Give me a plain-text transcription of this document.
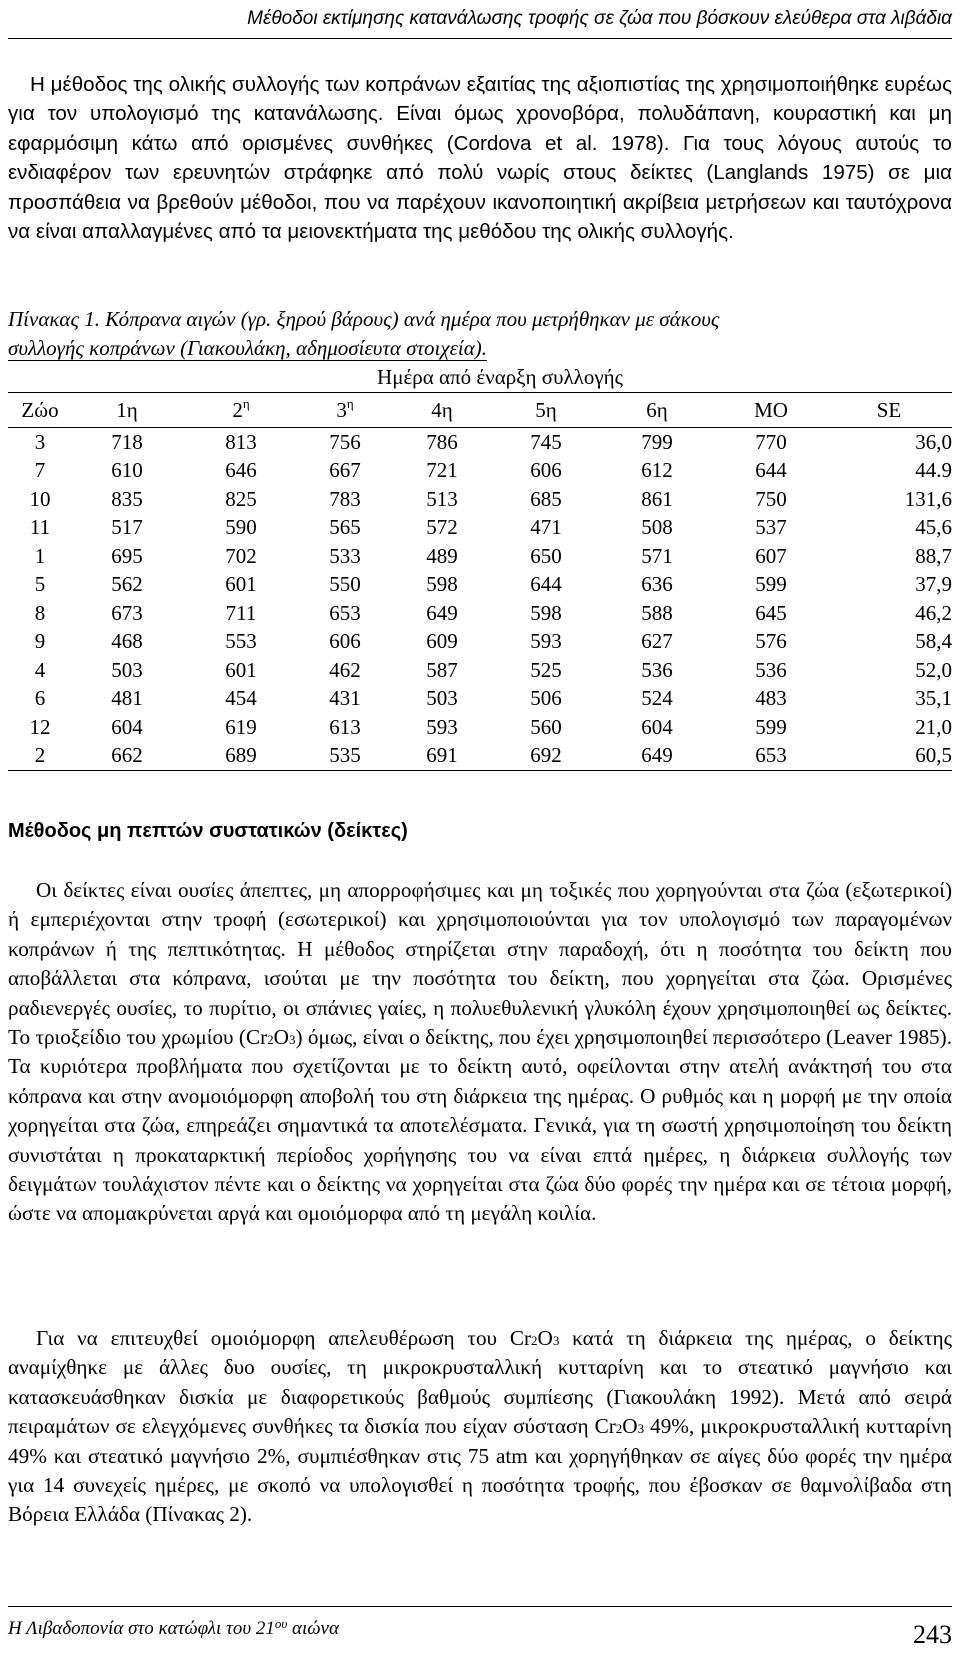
Μέθοδοι εκτίμησης κατανάλωσης τροφής σε ζώα που βόσκουν ελεύθερα στα λιβάδια

Η μέθοδος της ολικής συλλογής των κοπράνων εξαιτίας της αξιοπιστίας της χρησιμοποιήθηκε ευρέως για τον υπολογισμό της κατανάλωσης. Είναι όμως χρονοβόρα, πολυδάπανη, κουραστική και μη εφαρμόσιμη κάτω από ορισμένες συνθήκες (Cordova et al. 1978). Για τους λόγους αυτούς το ενδιαφέρον των ερευνητών στράφηκε από πολύ νωρίς στους δείκτες (Langlands 1975) σε μια προσπάθεια να βρεθούν μέθοδοι, που να παρέχουν ικανοποιητική ακρίβεια μετρήσεων και ταυτόχρονα να είναι απαλλαγμένες από τα μειονεκτήματα της μεθόδου της ολικής συλλογής.

Πίνακας 1. Κόπρανα αιγών (γρ. ξηρού βάρους) ανά ημέρα που μετρήθηκαν με σάκους
συλλογής κοπράνων (Γιακουλάκη, αδημοσίευτα στοιχεία).
Ημέρα από έναρξη συλλογής								
Ζώο	1η	$2^\eta$	$3^\eta$	4η	5η	6η	ΜΟ	SE
3	718	813	756	786	745	799	770	36,0
7	610	646	667	721	606	612	644	44.9
10	835	825	783	513	685	861	750	131,6
11	517	590	565	572	471	508	537	45,6
1	695	702	533	489	650	571	607	88,7
5	562	601	550	598	644	636	599	37,9
8	673	711	653	649	598	588	645	46,2
9	468	553	606	609	593	627	576	58,4
4	503	601	462	587	525	536	536	52,0
6	481	454	431	503	506	524	483	35,1
12	604	619	613	593	560	604	599	21,0
2	662	689	535	691	692	649	653	60,5
Μέθοδος μη πεπτών συστατικών (δείκτες)

Οι δείκτες είναι ουσίες άπεπτες, μη απορροφήσιμες και μη τοξικές που χορηγούνται στα ζώα (εξωτερικοί) ή εμπεριέχονται στην τροφή (εσωτερικοί) και χρησιμοποιούνται για τον υπολογισμό των παραγομένων κοπράνων ή της πεπτικότητας. Η μέθοδος στηρίζεται στην παραδοχή, ότι η ποσότητα του δείκτη που αποβάλλεται στα κόπρανα, ισούται με την ποσότητα του δείκτη, που χορηγείται στα ζώα. Ορισμένες ραδιενεργές ουσίες, το πυρίτιο, οι σπάνιες γαίες, η πολυεθυλενική γλυκόλη έχουν χρησιμοποιηθεί ως δείκτες. Το τριοξείδιο του χρωμίου $(Cr_2O_3)$ όμως, είναι ο δείκτης, που έχει χρησιμοποιηθεί περισσότερο (Leaver 1985). Τα κυριότερα προβλήματα που σχετίζονται με το δείκτη αυτό, οφείλονται στην ατελή ανάκτησή του στα κόπρανα και στην ανομοιόμορφη αποβολή του στη διάρκεια της ημέρας. Ο ρυθμός και η μορφή με την οποία χορηγείται στα ζώα, επηρεάζει σημαντικά τα αποτελέσματα. Γενικά, για τη σωστή χρησιμοποίηση του δείκτη συνιστάται η προκαταρκτική περίοδος χορήγησης του να είναι επτά ημέρες, η διάρκεια συλλογής των δειγμάτων τουλάχιστον πέντε και ο δείκτης να χορηγείται στα ζώα δύο φορές την ημέρα και σε τέτοια μορφή, ώστε να απομακρύνεται αργά και ομοιόμορφα από τη μεγάλη κοιλία.

Για να επιτευχθεί ομοιόμορφη απελευθέρωση του $Cr_2O_3$ κατά τη διάρκεια της ημέρας, ο δείκτης αναμίχθηκε με άλλες δυο ουσίες, τη μικροκρυσταλλική κυτταρίνη και το στεατικό μαγνήσιο και κατασκευάσθηκαν δισκία με διαφορετικούς βαθμούς συμπίεσης (Γιακουλάκη 1992). Μετά από σειρά πειραμάτων σε ελεγχόμενες συνθήκες τα δισκία που είχαν σύσταση $Cr_2O_3$ 49%, μικροκρυσταλλική κυτταρίνη 49% και στεατικό μαγνήσιο 2%, συμπιέσθηκαν στις 75 atm και χορηγήθηκαν σε αίγες δύο φορές την ημέρα για 14 συνεχείς ημέρες, με σκοπό να υπολογισθεί η ποσότητα τροφής, που έβοσκαν σε θαμνολίβαδα στη Βόρεια Ελλάδα (Πίνακας 2).

Η Λιβαδοπονία στο κατώφλι του $21^{o\upsilon}$ αιώνα	243
